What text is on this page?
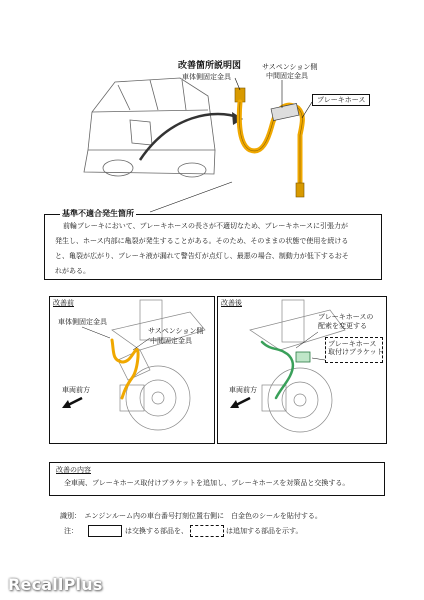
改善箇所説明図
車体側固定金具
サスペンション側
中間固定金具
ブレーキホース
基準不適合発生箇所
前輪ブレーキにおいて、ブレーキホースの長さが不適切なため、ブレーキホースに引張力が
発生し、ホース内部に亀裂が発生することがある。そのため、そのままの状態で使用を続ける
と、亀裂が広がり、ブレーキ液が漏れて警告灯が点灯し、最悪の場合、制動力が低下するおそ
れがある。
改善前
車体側固定金具
サスペンション側
中間固定金具
車両前方
改善後
ブレーキホースの
配索を変更する
ブレーキホース
取付けブラケット
車両前方
改善の内容
全車両、ブレーキホース取付けブラケットを追加し、ブレーキホースを対策品と交換する。
識別：　エンジンルーム内の車台番号打刻位置右側に　白金色のシールを貼付する。
注：	は交換する部品を、	は追加する部品を示す。
RecallPlus
